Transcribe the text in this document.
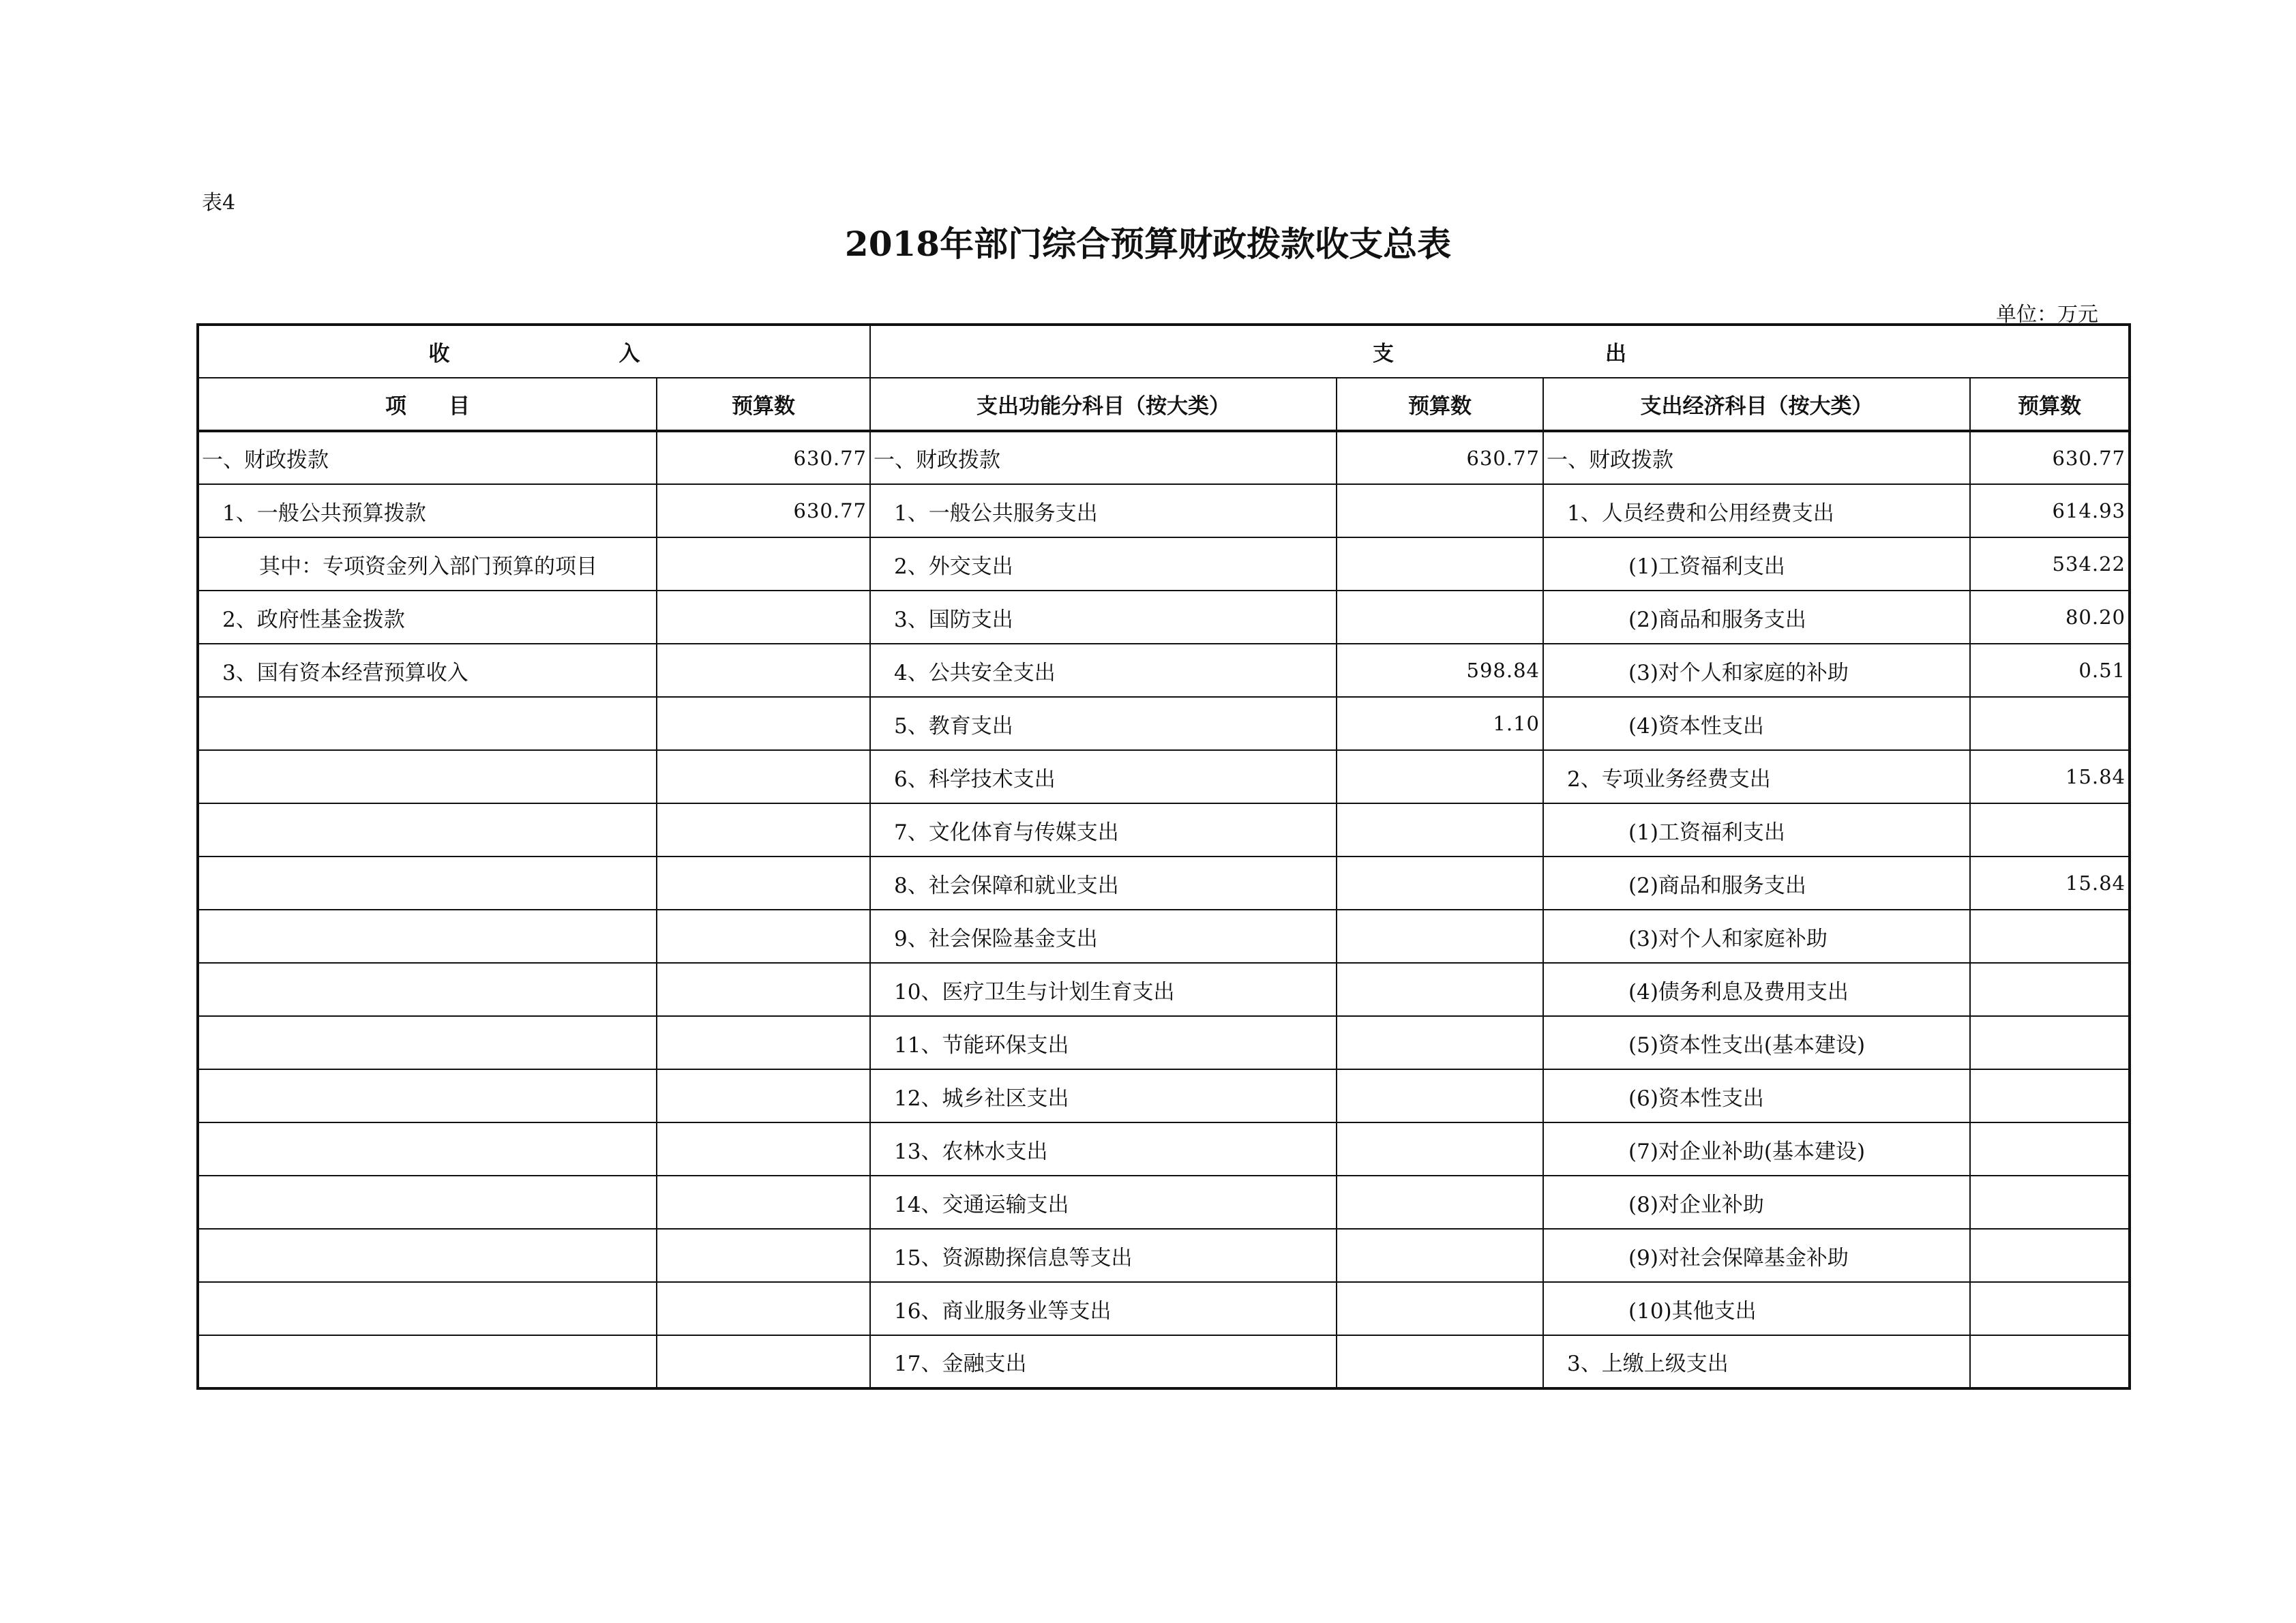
表4
2018年部门综合预算财政拨款收支总表
单位：万元
收　　　　　　　　入		支　　　　　　　　　　出			
项　　目	预算数	支出功能分科目（按大类）	预算数	支出经济科目（按大类）	预算数
一、财政拨款	630.77	一、财政拨款	630.77	一、财政拨款	630.77
1、一般公共预算拨款	630.77	1、一般公共服务支出		1、人员经费和公用经费支出	614.93
其中：专项资金列入部门预算的项目		2、外交支出		(1)工资福利支出	534.22
2、政府性基金拨款		3、国防支出		(2)商品和服务支出	80.20
3、国有资本经营预算收入		4、公共安全支出	598.84	(3)对个人和家庭的补助	0.51
		5、教育支出	1.10	(4)资本性支出	
		6、科学技术支出		2、专项业务经费支出	15.84
		7、文化体育与传媒支出		(1)工资福利支出	
		8、社会保障和就业支出		(2)商品和服务支出	15.84
		9、社会保险基金支出		(3)对个人和家庭补助	
		10、医疗卫生与计划生育支出		(4)债务利息及费用支出	
		11、节能环保支出		(5)资本性支出(基本建设)	
		12、城乡社区支出		(6)资本性支出	
		13、农林水支出		(7)对企业补助(基本建设)	
		14、交通运输支出		(8)对企业补助	
		15、资源勘探信息等支出		(9)对社会保障基金补助	
		16、商业服务业等支出		(10)其他支出	
		17、金融支出		3、上缴上级支出	
